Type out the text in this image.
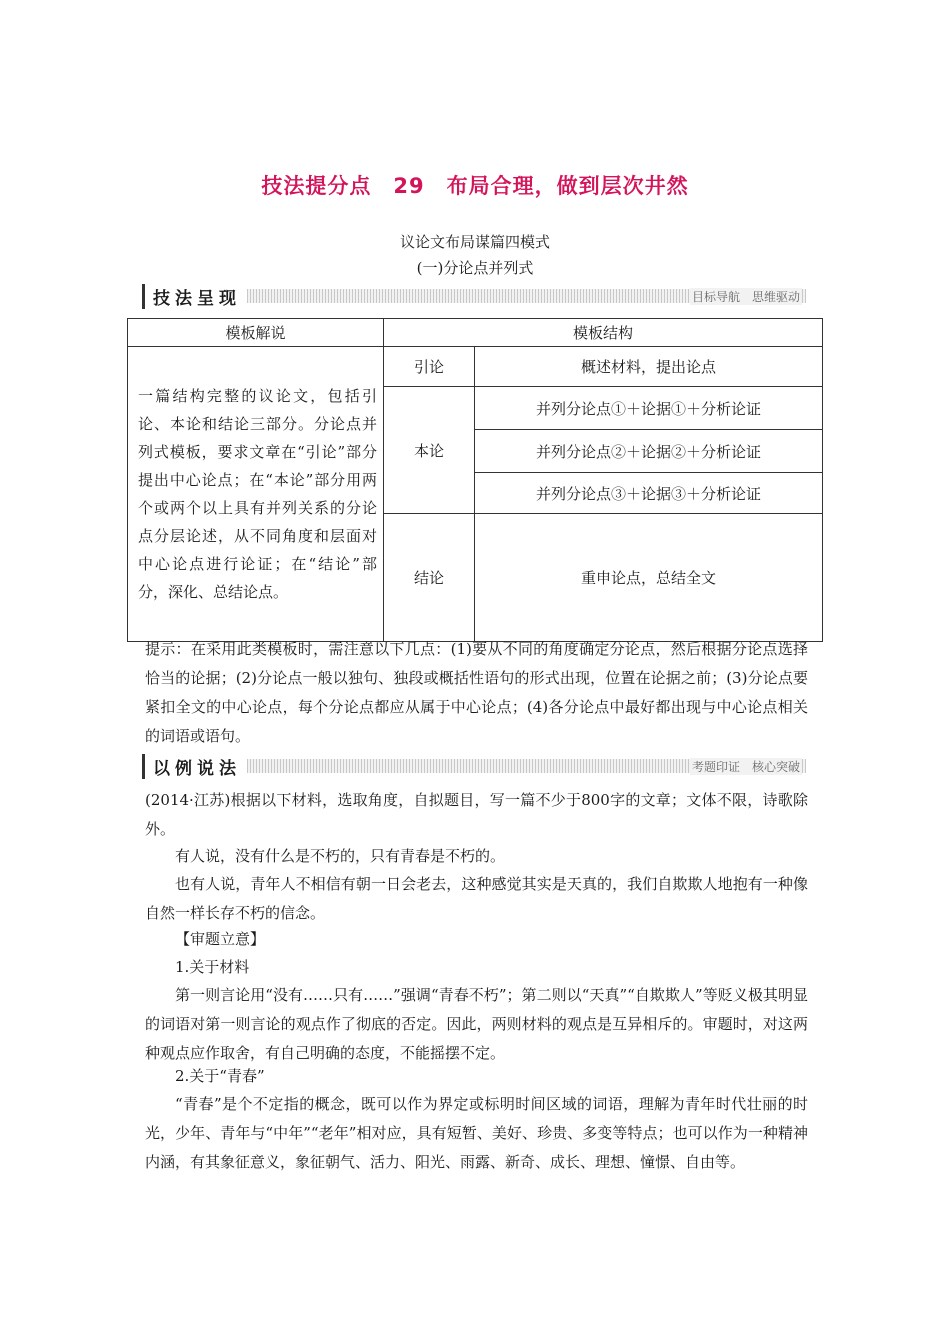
技法提分点　29　布局合理，做到层次井然
议论文布局谋篇四模式
(一)分论点并列式
技法呈现	目标导航　思维驱动
模板解说	模板结构	
一篇结构完整的议论文，包括引论、本论和结论三部分。分论点并列式模板，要求文章在“引论”部分提出中心论点；在“本论”部分用两个或两个以上具有并列关系的分论点分层论述，从不同角度和层面对中心论点进行论证；在“结论”部分，深化、总结论点。	引论	概述材料，提出论点
	本论	并列分论点①＋论据①＋分析论证
		并列分论点②＋论据②＋分析论证
		并列分论点③＋论据③＋分析论证
	结论	重申论点，总结全文
提示：在采用此类模板时，需注意以下几点：(1)要从不同的角度确定分论点，然后根据分论点选择恰当的论据；(2)分论点一般以独句、独段或概括性语句的形式出现，位置在论据之前；(3)分论点要紧扣全文的中心论点，每个分论点都应从属于中心论点；(4)各分论点中最好都出现与中心论点相关的词语或语句。
以例说法	考题印证　核心突破
(2014·江苏)根据以下材料，选取角度，自拟题目，写一篇不少于800字的文章；文体不限，诗歌除外。
有人说，没有什么是不朽的，只有青春是不朽的。
也有人说，青年人不相信有朝一日会老去，这种感觉其实是天真的，我们自欺欺人地抱有一种像自然一样长存不朽的信念。
【审题立意】
1.关于材料
第一则言论用“没有……只有……”强调“青春不朽”；第二则以“天真”“自欺欺人”等贬义极其明显的词语对第一则言论的观点作了彻底的否定。因此，两则材料的观点是互异相斥的。审题时，对这两种观点应作取舍，有自己明确的态度，不能摇摆不定。
2.关于“青春”
“青春”是个不定指的概念，既可以作为界定或标明时间区域的词语，理解为青年时代壮丽的时光，少年、青年与“中年”“老年”相对应，具有短暂、美好、珍贵、多变等特点；也可以作为一种精神内涵，有其象征意义，象征朝气、活力、阳光、雨露、新奇、成长、理想、憧憬、自由等。
